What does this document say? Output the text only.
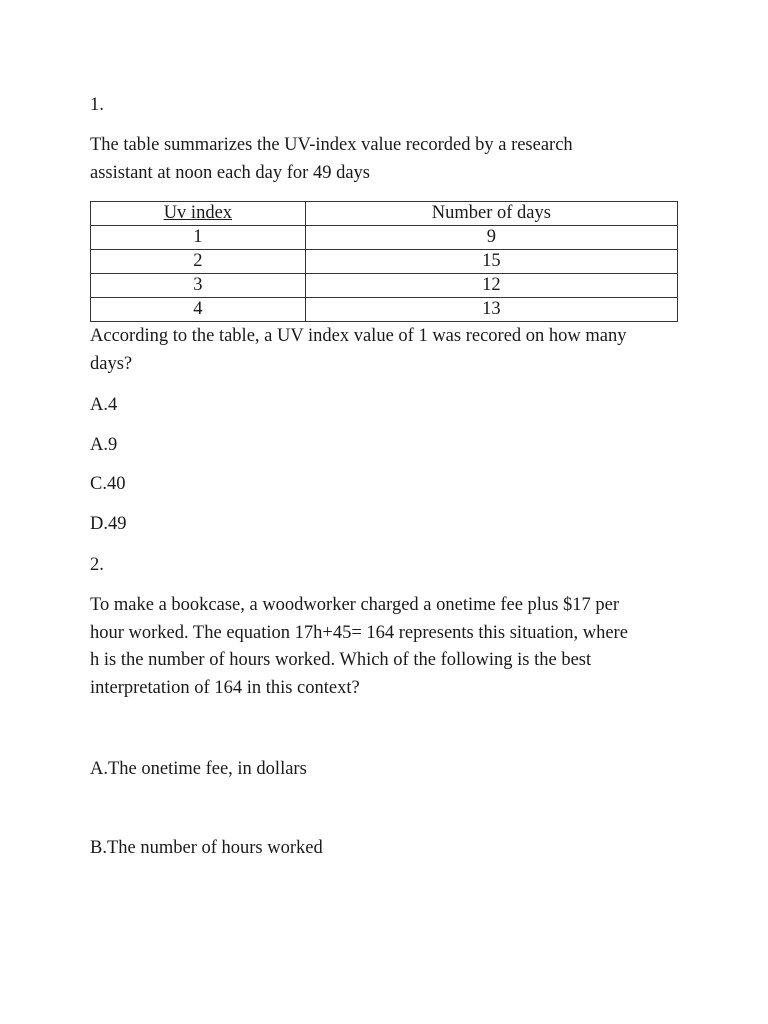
1.
The table summarizes the UV-index value recorded by a research
assistant at noon each day for 49 days
Uv index	Number of days
1	9
2	15
3	12
4	13
According to the table, a UV index value of 1 was recored on how many
days?
A.4
A.9
C.40
D.49
2.
To make a bookcase, a woodworker charged a onetime fee plus $17 per
hour worked. The equation 17h+45= 164 represents this situation, where
h is the number of hours worked. Which of the following is the best
interpretation of 164 in this context?
A.The onetime fee, in dollars
B.The number of hours worked
